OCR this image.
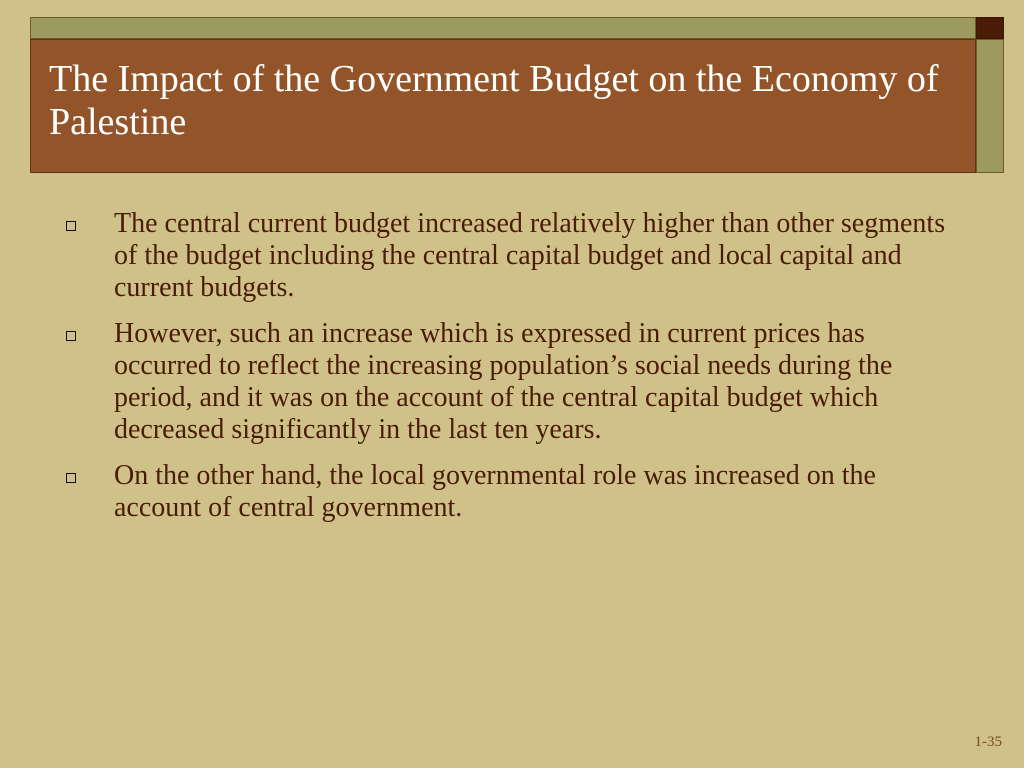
The Impact of the Government Budget on the Economy of Palestine
The central current budget increased relatively higher than other segments of the budget including the central capital budget and local capital and current budgets.
However, such an increase which is expressed in current prices has occurred to reflect the increasing population’s social needs during the period, and it was on the account of the central capital budget which decreased significantly in the last ten years.
On the other hand, the local governmental role was increased on the account of central government.
1-35
